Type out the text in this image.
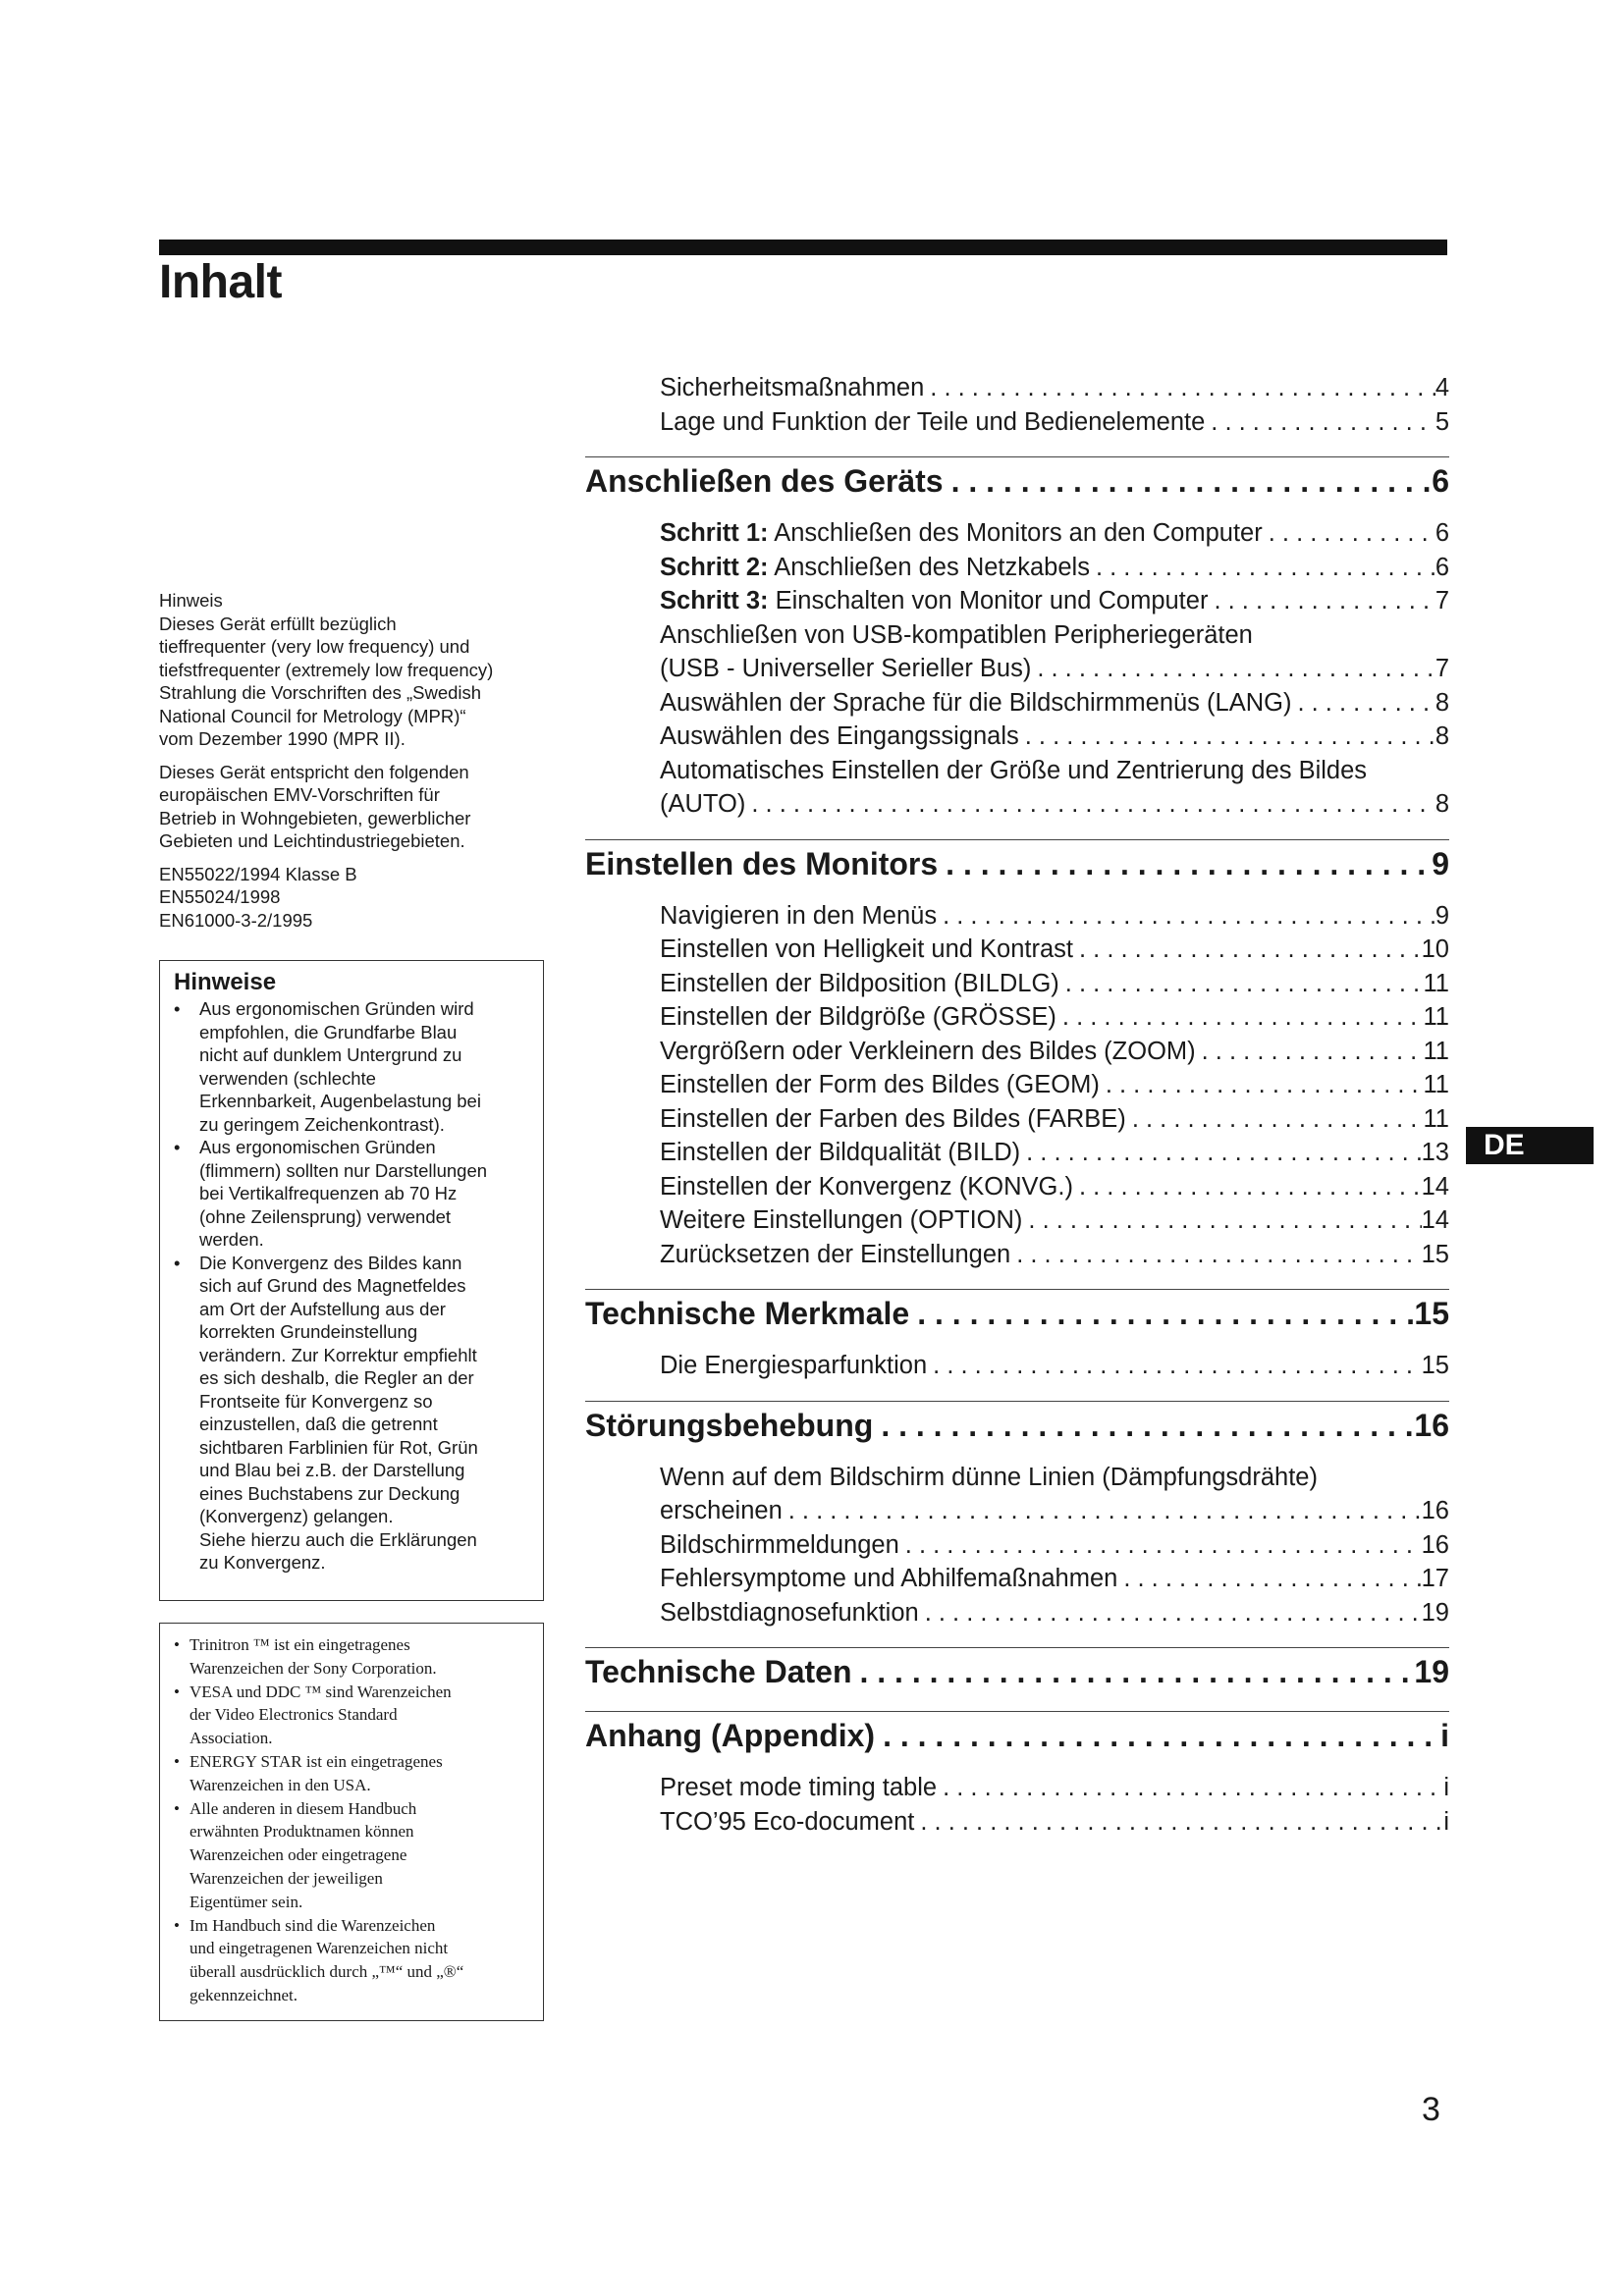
Inhalt

Hinweis
Dieses Gerät erfüllt bezüglich
tieffrequenter (very low frequency) und
tiefstfrequenter (extremely low frequency)
Strahlung die Vorschriften des „Swedish
National Council for Metrology (MPR)“
vom Dezember 1990 (MPR II).

Dieses Gerät entspricht den folgenden
europäischen EMV-Vorschriften für
Betrieb in Wohngebieten, gewerblicher
Gebieten und Leichtindustriegebieten.

EN55022/1994 Klasse B
EN55024/1998
EN61000-3-2/1995

Hinweise
• Aus ergonomischen Gründen wird
empfohlen, die Grundfarbe Blau
nicht auf dunklem Untergrund zu
verwenden (schlechte
Erkennbarkeit, Augenbelastung bei
zu geringem Zeichenkontrast).
• Aus ergonomischen Gründen
(flimmern) sollten nur Darstellungen
bei Vertikalfrequenzen ab 70 Hz
(ohne Zeilensprung) verwendet
werden.
• Die Konvergenz des Bildes kann
sich auf Grund des Magnetfeldes
am Ort der Aufstellung aus der
korrekten Grundeinstellung
verändern. Zur Korrektur empfiehlt
es sich deshalb, die Regler an der
Frontseite für Konvergenz so
einzustellen, daß die getrennt
sichtbaren Farblinien für Rot, Grün
und Blau bei z.B. der Darstellung
eines Buchstabens zur Deckung
(Konvergenz) gelangen.
Siehe hierzu auch die Erklärungen
zu Konvergenz.
• Trinitron ™ ist ein eingetragenes
Warenzeichen der Sony Corporation.
• VESA und DDC ™ sind Warenzeichen
der Video Electronics Standard
Association.
• ENERGY STAR ist ein eingetragenes
Warenzeichen in den USA.
• Alle anderen in diesem Handbuch
erwähnten Produktnamen können
Warenzeichen oder eingetragene
Warenzeichen der jeweiligen
Eigentümer sein.
• Im Handbuch sind die Warenzeichen
und eingetragenen Warenzeichen nicht
überall ausdrücklich durch „™“ und „®“
gekennzeichnet.
Sicherheitsmaßnahmen . . .	4
Lage und Funktion der Teile und Bedienelemente . . .	5
Anschließen des Geräts . . .	6
Schritt 1: Anschließen des Monitors an den Computer . . .	6
Schritt 2: Anschließen des Netzkabels . . .	6
Schritt 3: Einschalten von Monitor und Computer . . .	7
Anschließen von USB-kompatiblen Peripheriegeräten
(USB - Universeller Serieller Bus) . . .	7
Auswählen der Sprache für die Bildschirmmenüs (LANG) . . .	8
Auswählen des Eingangssignals . . .	8
Automatisches Einstellen der Größe und Zentrierung des Bildes
(AUTO) . . .	8
Einstellen des Monitors . . .	9
Navigieren in den Menüs . . .	9
Einstellen von Helligkeit und Kontrast . . .	10
Einstellen der Bildposition (BILDLG) . . .	11
Einstellen der Bildgröße (GRÖSSE) . . .	11
Vergrößern oder Verkleinern des Bildes (ZOOM) . . .	11
Einstellen der Form des Bildes (GEOM) . . .	11
Einstellen der Farben des Bildes (FARBE) . . .	11
Einstellen der Bildqualität (BILD) . . .	13
Einstellen der Konvergenz (KONVG.) . . .	14
Weitere Einstellungen (OPTION) . . .	14
Zurücksetzen der Einstellungen . . .	15
Technische Merkmale . . .	15
Die Energiesparfunktion . . .	15
Störungsbehebung . . .	16
Wenn auf dem Bildschirm dünne Linien (Dämpfungsdrähte)
erscheinen . . .	16
Bildschirmmeldungen . . .	16
Fehlersymptome und Abhilfemaßnahmen . . .	17
Selbstdiagnosefunktion . . .	19
Technische Daten . . .	19
Anhang (Appendix) . . .	i
Preset mode timing table . . .	i
TCO’95 Eco-document . . .	i
DE
3
